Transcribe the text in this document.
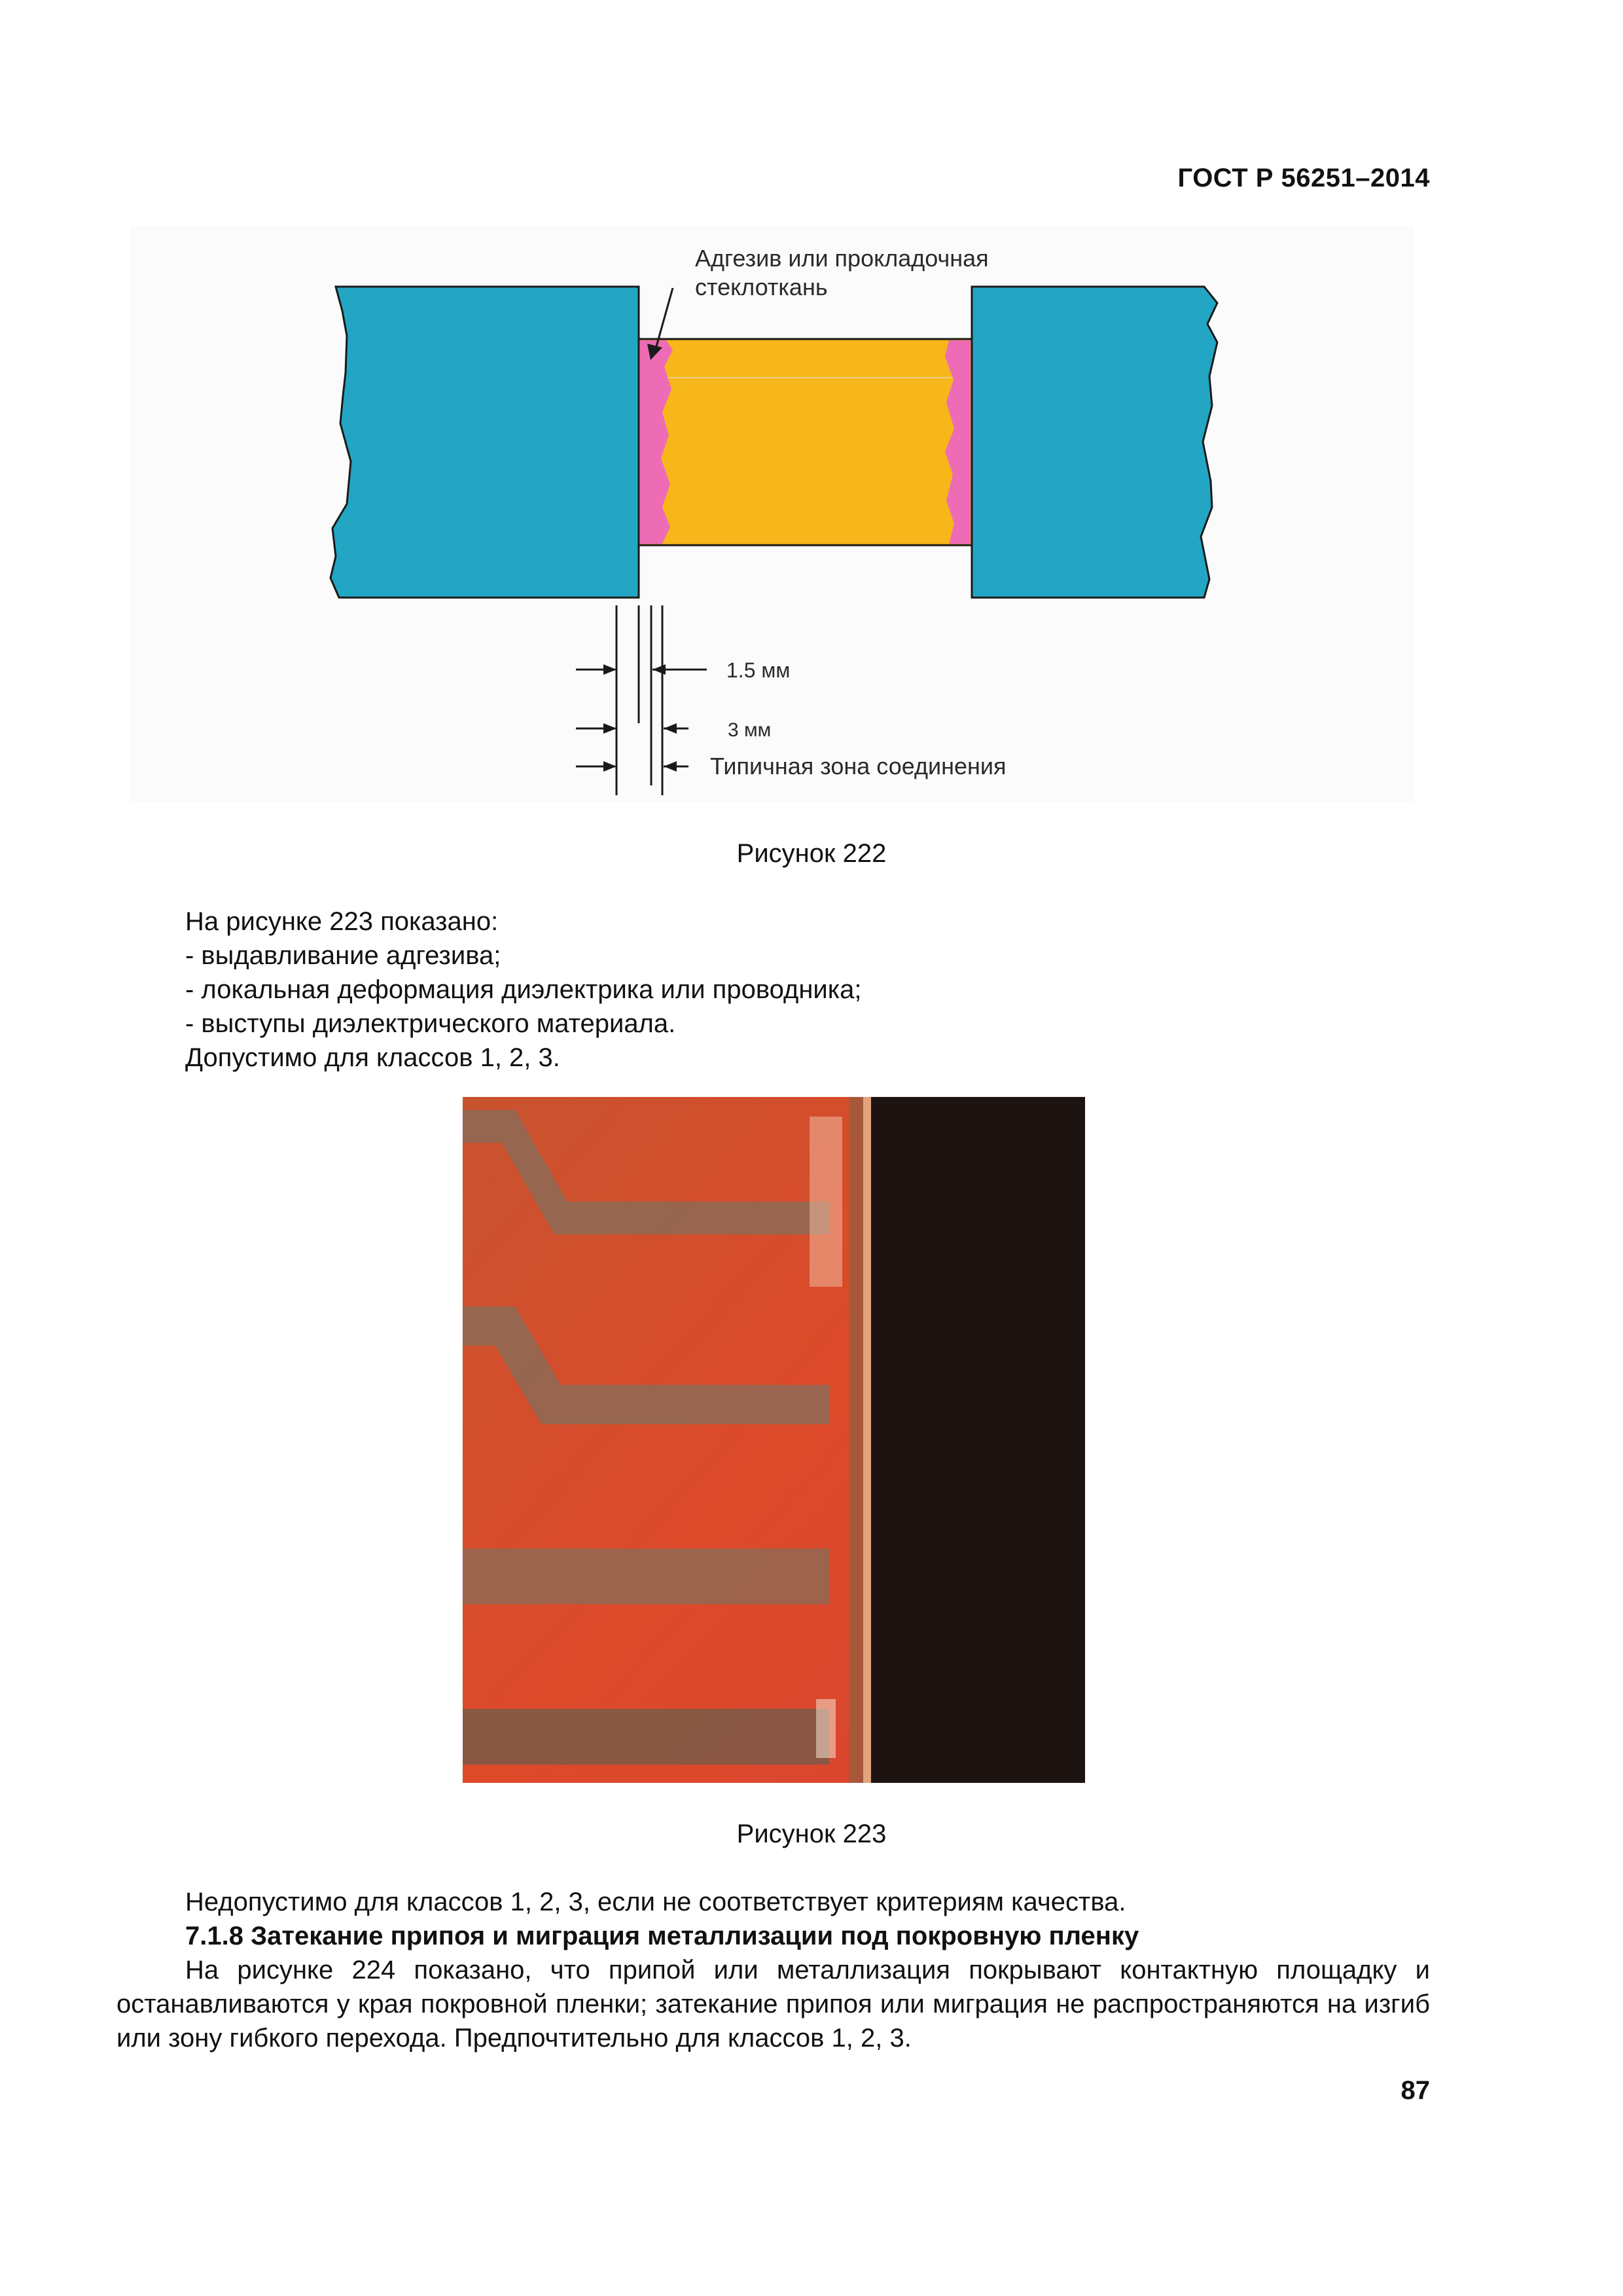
ГОСТ Р 56251–2014
Адгезив или прокладочная
стеклоткань
1.5 мм
3 мм
Типичная зона соединения
Рисунок 222
На рисунке 223 показано:
- выдавливание адгезива;
- локальная деформация диэлектрика или проводника;
- выступы диэлектрического материала.
Допустимо для классов 1, 2, 3.
Рисунок 223
Недопустимо для классов 1, 2, 3, если не соответствует критериям качества.
7.1.8 Затекание припоя и миграция металлизации под покровную пленку
На рисунке 224 показано, что припой или металлизация покрывают контактную площадку и останавливаются у края покровной пленки; затекание припоя или миграция не распространяются на изгиб или зону гибкого перехода. Предпочтительно для классов 1, 2, 3.
87
